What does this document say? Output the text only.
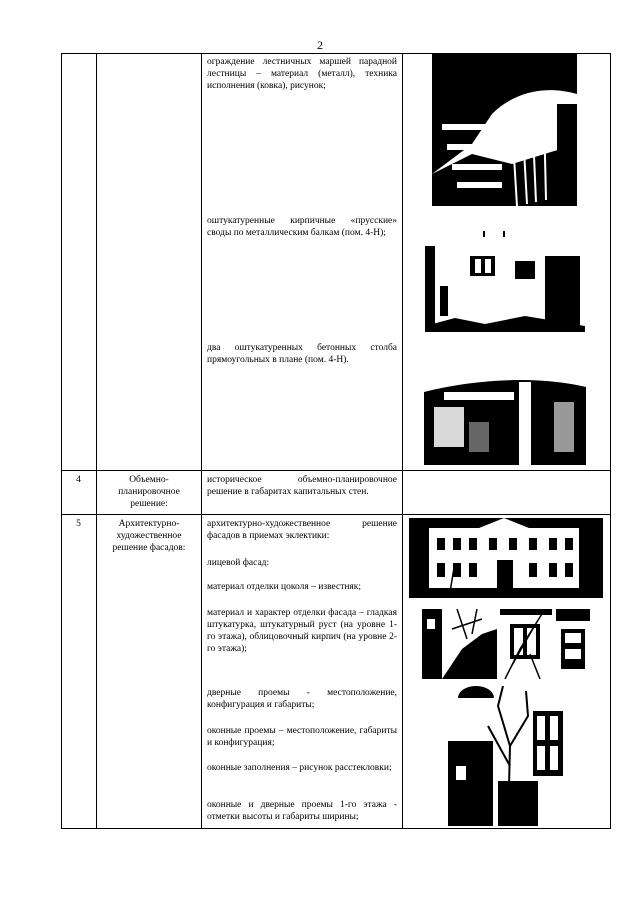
2
ограждение лестничных маршей парадной лестницы – материал (металл), техника исполнения (ковка), рисунок;
оштукатуренные кирпичные «прусские» своды по металлическим балкам (пом. 4-Н);
два оштукатуренных бетонных столба прямоугольных в плане (пом. 4-Н).
4	Объемно-планировочное решение:
историческое объемно-планировочное решение в габаритах капитальных стен.
5	Архитектурно-художественное решение фасадов:
архитектурно-художественное решение фасадов в приемах эклектики:
лицевой фасад:
материал отделки цоколя – известняк;
материал и характер отделки фасада – гладкая штукатурка, штукатурный руст (на уровне 1-го этажа), облицовочный кирпич (на уровне 2-го этажа);
дверные проемы - местоположение, конфигурация и габариты;
оконные проемы – местоположение, габариты и конфигурация;
оконные заполнения – рисунок расстекловки;
оконные и дверные проемы 1-го этажа - отметки высоты и габариты ширины;
